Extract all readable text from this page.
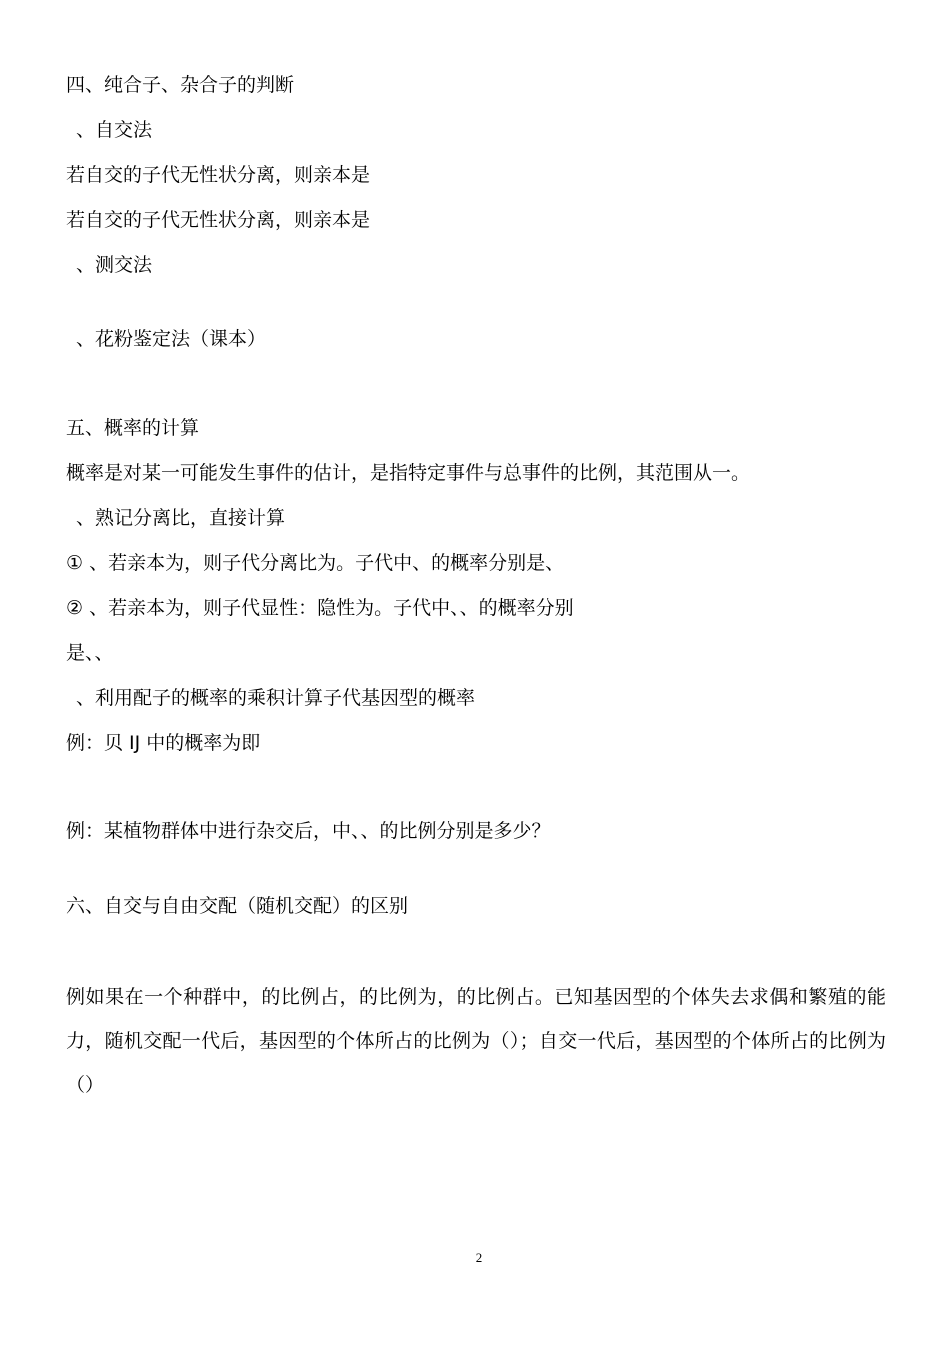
四、纯合子、杂合子的判断
、自交法
若自交的子代无性状分离，则亲本是
若自交的子代无性状分离，则亲本是
、测交法
、花粉鉴定法（课本）
五、概率的计算
概率是对某一可能发生事件的估计，是指特定事件与总事件的比例，其范围从一。
、熟记分离比，直接计算
① 、若亲本为，则子代分离比为。子代中、的概率分别是、
② 、若亲本为，则子代显性：隐性为。子代中、、的概率分别
是、、
、利用配子的概率的乘积计算子代基因型的概率
例：贝 IJ 中的概率为即
例：某植物群体中进行杂交后，中、、的比例分别是多少？
六、自交与自由交配（随机交配）的区别
例如果在一个种群中，的比例占，的比例为，的比例占。已知基因型的个体失去求偶和繁殖的能力，随机交配一代后，基因型的个体所占的比例为（）；自交一代后，基因型的个体所占的比例为（）
2
